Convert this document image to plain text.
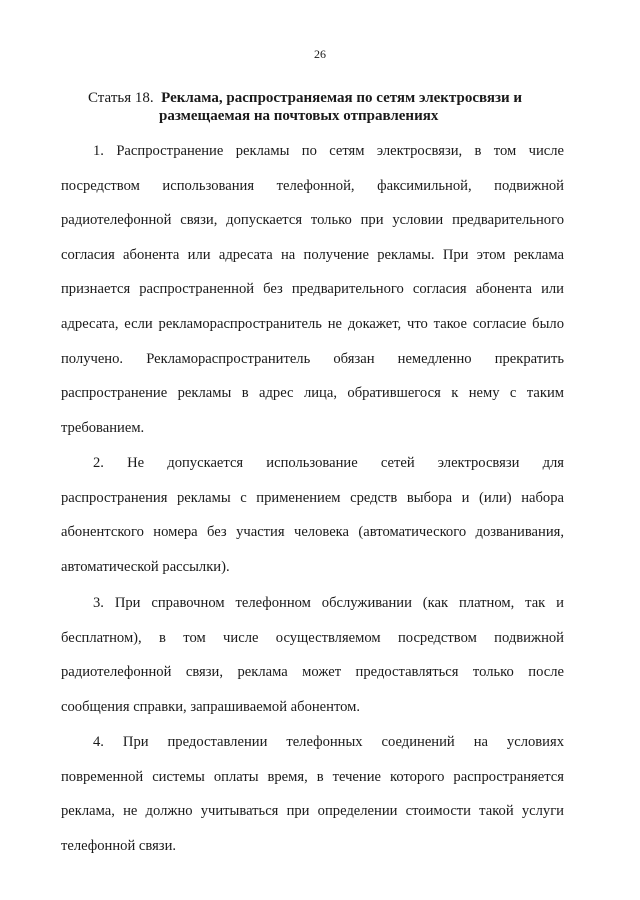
26
Статья 18. Реклама, распространяемая по сетям электросвязи и
размещаемая на почтовых отправлениях
1. Распространение рекламы по сетям электросвязи, в том числе
посредством использования телефонной, факсимильной, подвижной
радиотелефонной связи, допускается только при условии предварительного
согласия абонента или адресата на получение рекламы. При этом реклама
признается распространенной без предварительного согласия абонента или
адресата, если рекламораспространитель не докажет, что такое согласие было
получено. Рекламораспространитель обязан немедленно прекратить
распространение рекламы в адрес лица, обратившегося к нему с таким
требованием.
2. Не допускается использование сетей электросвязи для
распространения рекламы с применением средств выбора и (или) набора
абонентского номера без участия человека (автоматического дозванивания,
автоматической рассылки).
3. При справочном телефонном обслуживании (как платном, так и
бесплатном), в том числе осуществляемом посредством подвижной
радиотелефонной связи, реклама может предоставляться только после
сообщения справки, запрашиваемой абонентом.
4. При предоставлении телефонных соединений на условиях
повременной системы оплаты время, в течение которого распространяется
реклама, не должно учитываться при определении стоимости такой услуги
телефонной связи.
